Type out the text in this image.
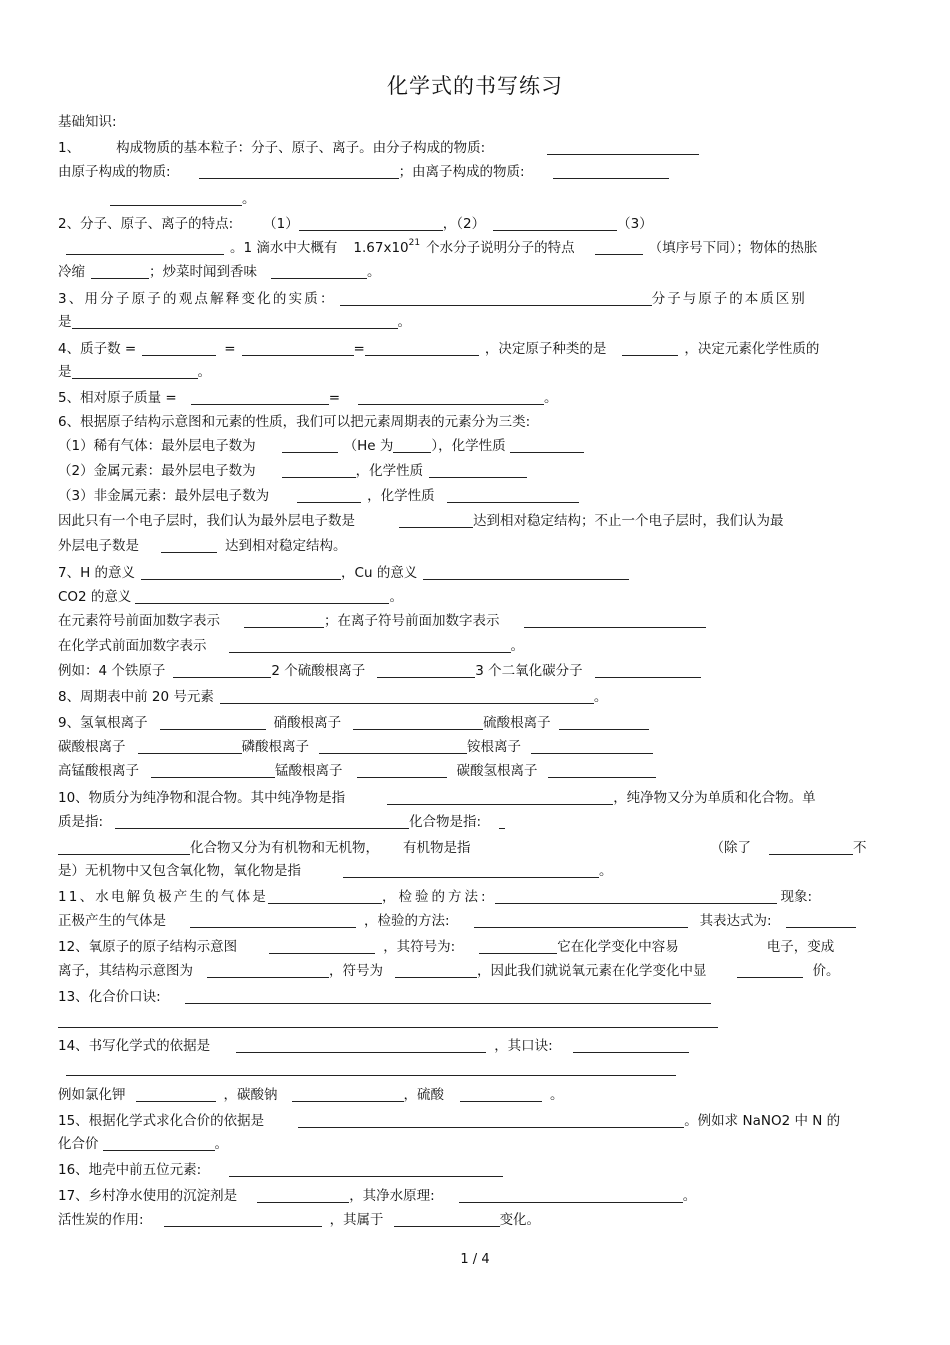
化学式的书写练习
基础知识:
1、	构成物质的基本粒子：分子、原子、离子。由分子构成的物质:
由原子构成的物质:	；由离子构成的物质:
。
2、分子、原子、离子的特点: （1）	，（2）	（3）
。1 滴水中大概有 $1.67x10^{21}$ 个水分子说明分子的特点	（填序号下同）；物体的热胀
冷缩	；炒菜时闻到香味	。
3、用分子原子的观点解释变化的实质：	分子与原子的本质区别
是	。
4、质子数 =	=	=	，决定原子种类的是	，决定元素化学性质的
是	。
5、相对原子质量 =	=	。
6、根据原子结构示意图和元素的性质，我们可以把元素周期表的元素分为三类:
（1）稀有气体：最外层电子数为	（He 为	），化学性质
（2）金属元素：最外层电子数为	，化学性质
（3）非金属元素：最外层电子数为	，化学性质
因此只有一个电子层时，我们认为最外层电子数是	达到相对稳定结构；不止一个电子层时，我们认为最
外层电子数是	达到相对稳定结构。
7、H 的意义	，Cu 的意义
CO2 的意义	。
在元素符号前面加数字表示	；在离子符号前面加数字表示
在化学式前面加数字表示	。
例如：4 个铁原子	2 个硫酸根离子	3 个二氧化碳分子
8、周期表中前 20 号元素	。
9、氢氧根离子	硝酸根离子	硫酸根离子
碳酸根离子	磷酸根离子	铵根离子
高锰酸根离子	锰酸根离子	碳酸氢根离子
10、物质分为纯净物和混合物。其中纯净物是指	，纯净物又分为单质和化合物。单
质是指:	化合物是指:
化合物又分为有机物和无机物， 有机物是指	（除了	不
是）无机物中又包含氧化物，氧化物是指	。
11、水电解负极产生的气体是	，检验的方法:	现象:
正极产生的气体是	，检验的方法:	其表达式为:
12、氧原子的原子结构示意图	，其符号为:	它在化学变化中容易	电子，变成
离子，其结构示意图为	，符号为	，因此我们就说氧元素在化学变化中显	价。
13、化合价口诀:
14、书写化学式的依据是	，其口诀:
例如氯化钾	，碳酸钠	，硫酸	。
15、根据化学式求化合价的依据是	。例如求 NaNO2 中 N 的
化合价	。
16、地壳中前五位元素:
17、乡村净水使用的沉淀剂是	，其净水原理:	。
活性炭的作用:	，其属于	变化。
1 / 4
